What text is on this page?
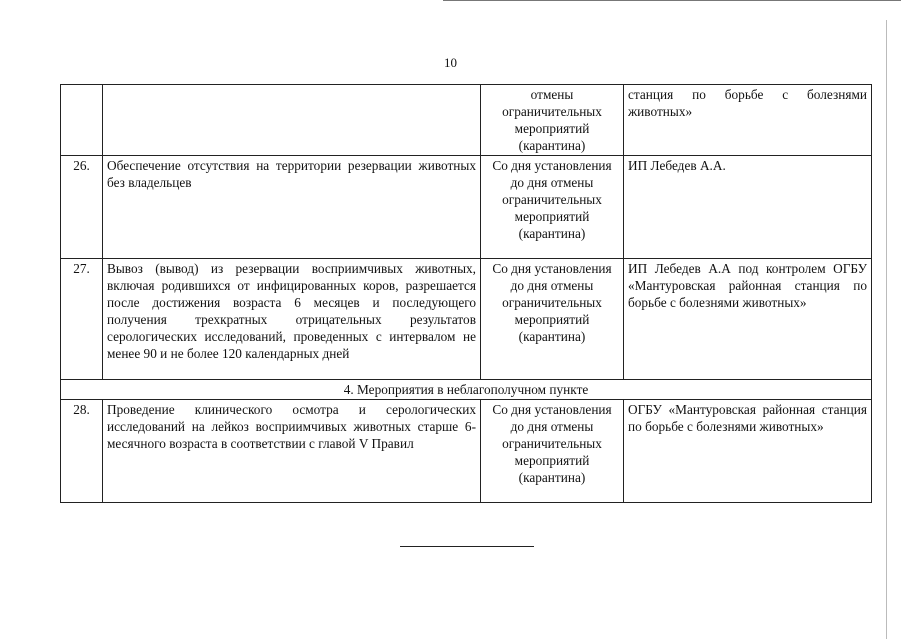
10
		отмены ограничительных мероприятий (карантина)	станция по борьбе с болезнями животных»
26.	Обеспечение отсутствия на территории резервации животных без владельцев	Со дня установления до дня отмены ограничительных мероприятий (карантина)	ИП Лебедев А.А.
27.	Вывоз (вывод) из резервации восприимчивых животных, включая родившихся от инфицированных коров, разрешается после достижения возраста 6 месяцев и последующего получения трехкратных отрицательных результатов серологических исследований, проведенных с интервалом не менее 90 и не более 120 календарных дней	Со дня установления до дня отмены ограничительных мероприятий (карантина)	ИП Лебедев А.А под контролем ОГБУ «Мантуровская районная станция по борьбе с болезнями животных»
4. Мероприятия в неблагополучном пункте			
28.	Проведение клинического осмотра и серологических исследований на лейкоз восприимчивых животных старше 6-месячного возраста в соответствии с главой V Правил	Со дня установления до дня отмены ограничительных мероприятий (карантина)	ОГБУ «Мантуровская районная станция по борьбе с болезнями животных»
